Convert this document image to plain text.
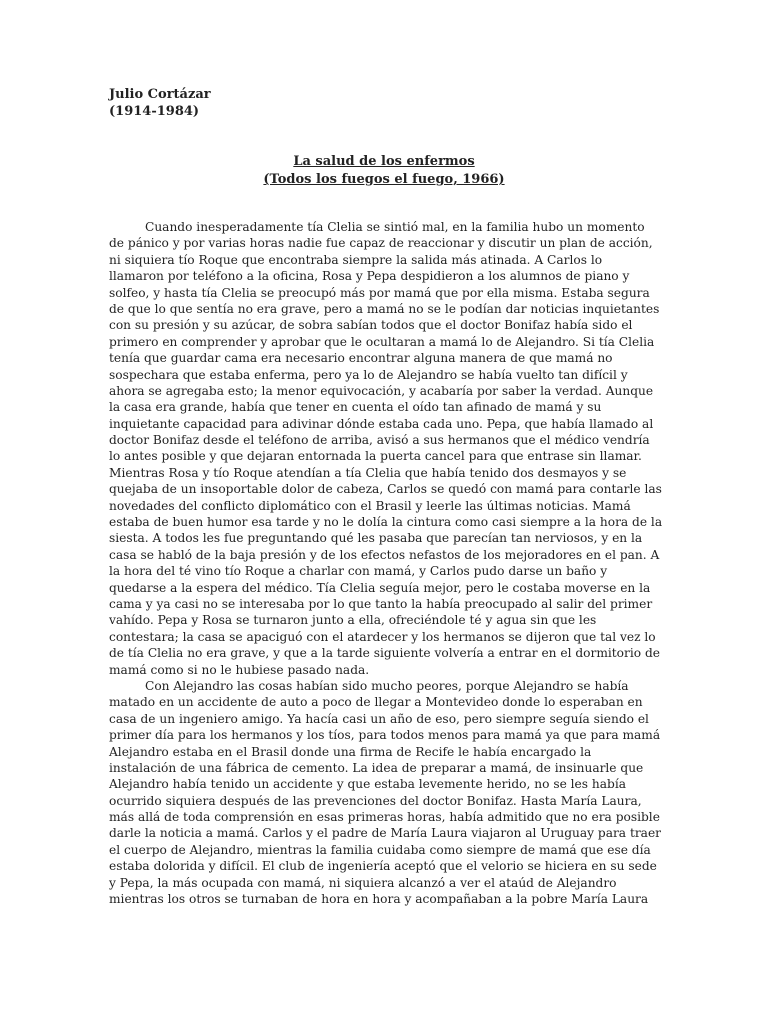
Julio Cortázar
(1914-1984)
La salud de los enfermos
(Todos los fuegos el fuego, 1966)
Cuando inesperadamente tía Clelia se sintió mal, en la familia hubo un momento
de pánico y por varias horas nadie fue capaz de reaccionar y discutir un plan de acción,
ni siquiera tío Roque que encontraba siempre la salida más atinada. A Carlos lo
llamaron por teléfono a la oficina, Rosa y Pepa despidieron a los alumnos de piano y
solfeo, y hasta tía Clelia se preocupó más por mamá que por ella misma. Estaba segura
de que lo que sentía no era grave, pero a mamá no se le podían dar noticias inquietantes
con su presión y su azúcar, de sobra sabían todos que el doctor Bonifaz había sido el
primero en comprender y aprobar que le ocultaran a mamá lo de Alejandro. Si tía Clelia
tenía que guardar cama era necesario encontrar alguna manera de que mamá no
sospechara que estaba enferma, pero ya lo de Alejandro se había vuelto tan difícil y
ahora se agregaba esto; la menor equivocación, y acabaría por saber la verdad. Aunque
la casa era grande, había que tener en cuenta el oído tan afinado de mamá y su
inquietante capacidad para adivinar dónde estaba cada uno. Pepa, que había llamado al
doctor Bonifaz desde el teléfono de arriba, avisó a sus hermanos que el médico vendría
lo antes posible y que dejaran entornada la puerta cancel para que entrase sin llamar.
Mientras Rosa y tío Roque atendían a tía Clelia que había tenido dos desmayos y se
quejaba de un insoportable dolor de cabeza, Carlos se quedó con mamá para contarle las
novedades del conflicto diplomático con el Brasil y leerle las últimas noticias. Mamá
estaba de buen humor esa tarde y no le dolía la cintura como casi siempre a la hora de la
siesta. A todos les fue preguntando qué les pasaba que parecían tan nerviosos, y en la
casa se habló de la baja presión y de los efectos nefastos de los mejoradores en el pan. A
la hora del té vino tío Roque a charlar con mamá, y Carlos pudo darse un baño y
quedarse a la espera del médico. Tía Clelia seguía mejor, pero le costaba moverse en la
cama y ya casi no se interesaba por lo que tanto la había preocupado al salir del primer
vahído. Pepa y Rosa se turnaron junto a ella, ofreciéndole té y agua sin que les
contestara; la casa se apaciguó con el atardecer y los hermanos se dijeron que tal vez lo
de tía Clelia no era grave, y que a la tarde siguiente volvería a entrar en el dormitorio de
mamá como si no le hubiese pasado nada.
Con Alejandro las cosas habían sido mucho peores, porque Alejandro se había
matado en un accidente de auto a poco de llegar a Montevideo donde lo esperaban en
casa de un ingeniero amigo. Ya hacía casi un año de eso, pero siempre seguía siendo el
primer día para los hermanos y los tíos, para todos menos para mamá ya que para mamá
Alejandro estaba en el Brasil donde una firma de Recife le había encargado la
instalación de una fábrica de cemento. La idea de preparar a mamá, de insinuarle que
Alejandro había tenido un accidente y que estaba levemente herido, no se les había
ocurrido siquiera después de las prevenciones del doctor Bonifaz. Hasta María Laura,
más allá de toda comprensión en esas primeras horas, había admitido que no era posible
darle la noticia a mamá. Carlos y el padre de María Laura viajaron al Uruguay para traer
el cuerpo de Alejandro, mientras la familia cuidaba como siempre de mamá que ese día
estaba dolorida y difícil. El club de ingeniería aceptó que el velorio se hiciera en su sede
y Pepa, la más ocupada con mamá, ni siquiera alcanzó a ver el ataúd de Alejandro
mientras los otros se turnaban de hora en hora y acompañaban a la pobre María Laura
